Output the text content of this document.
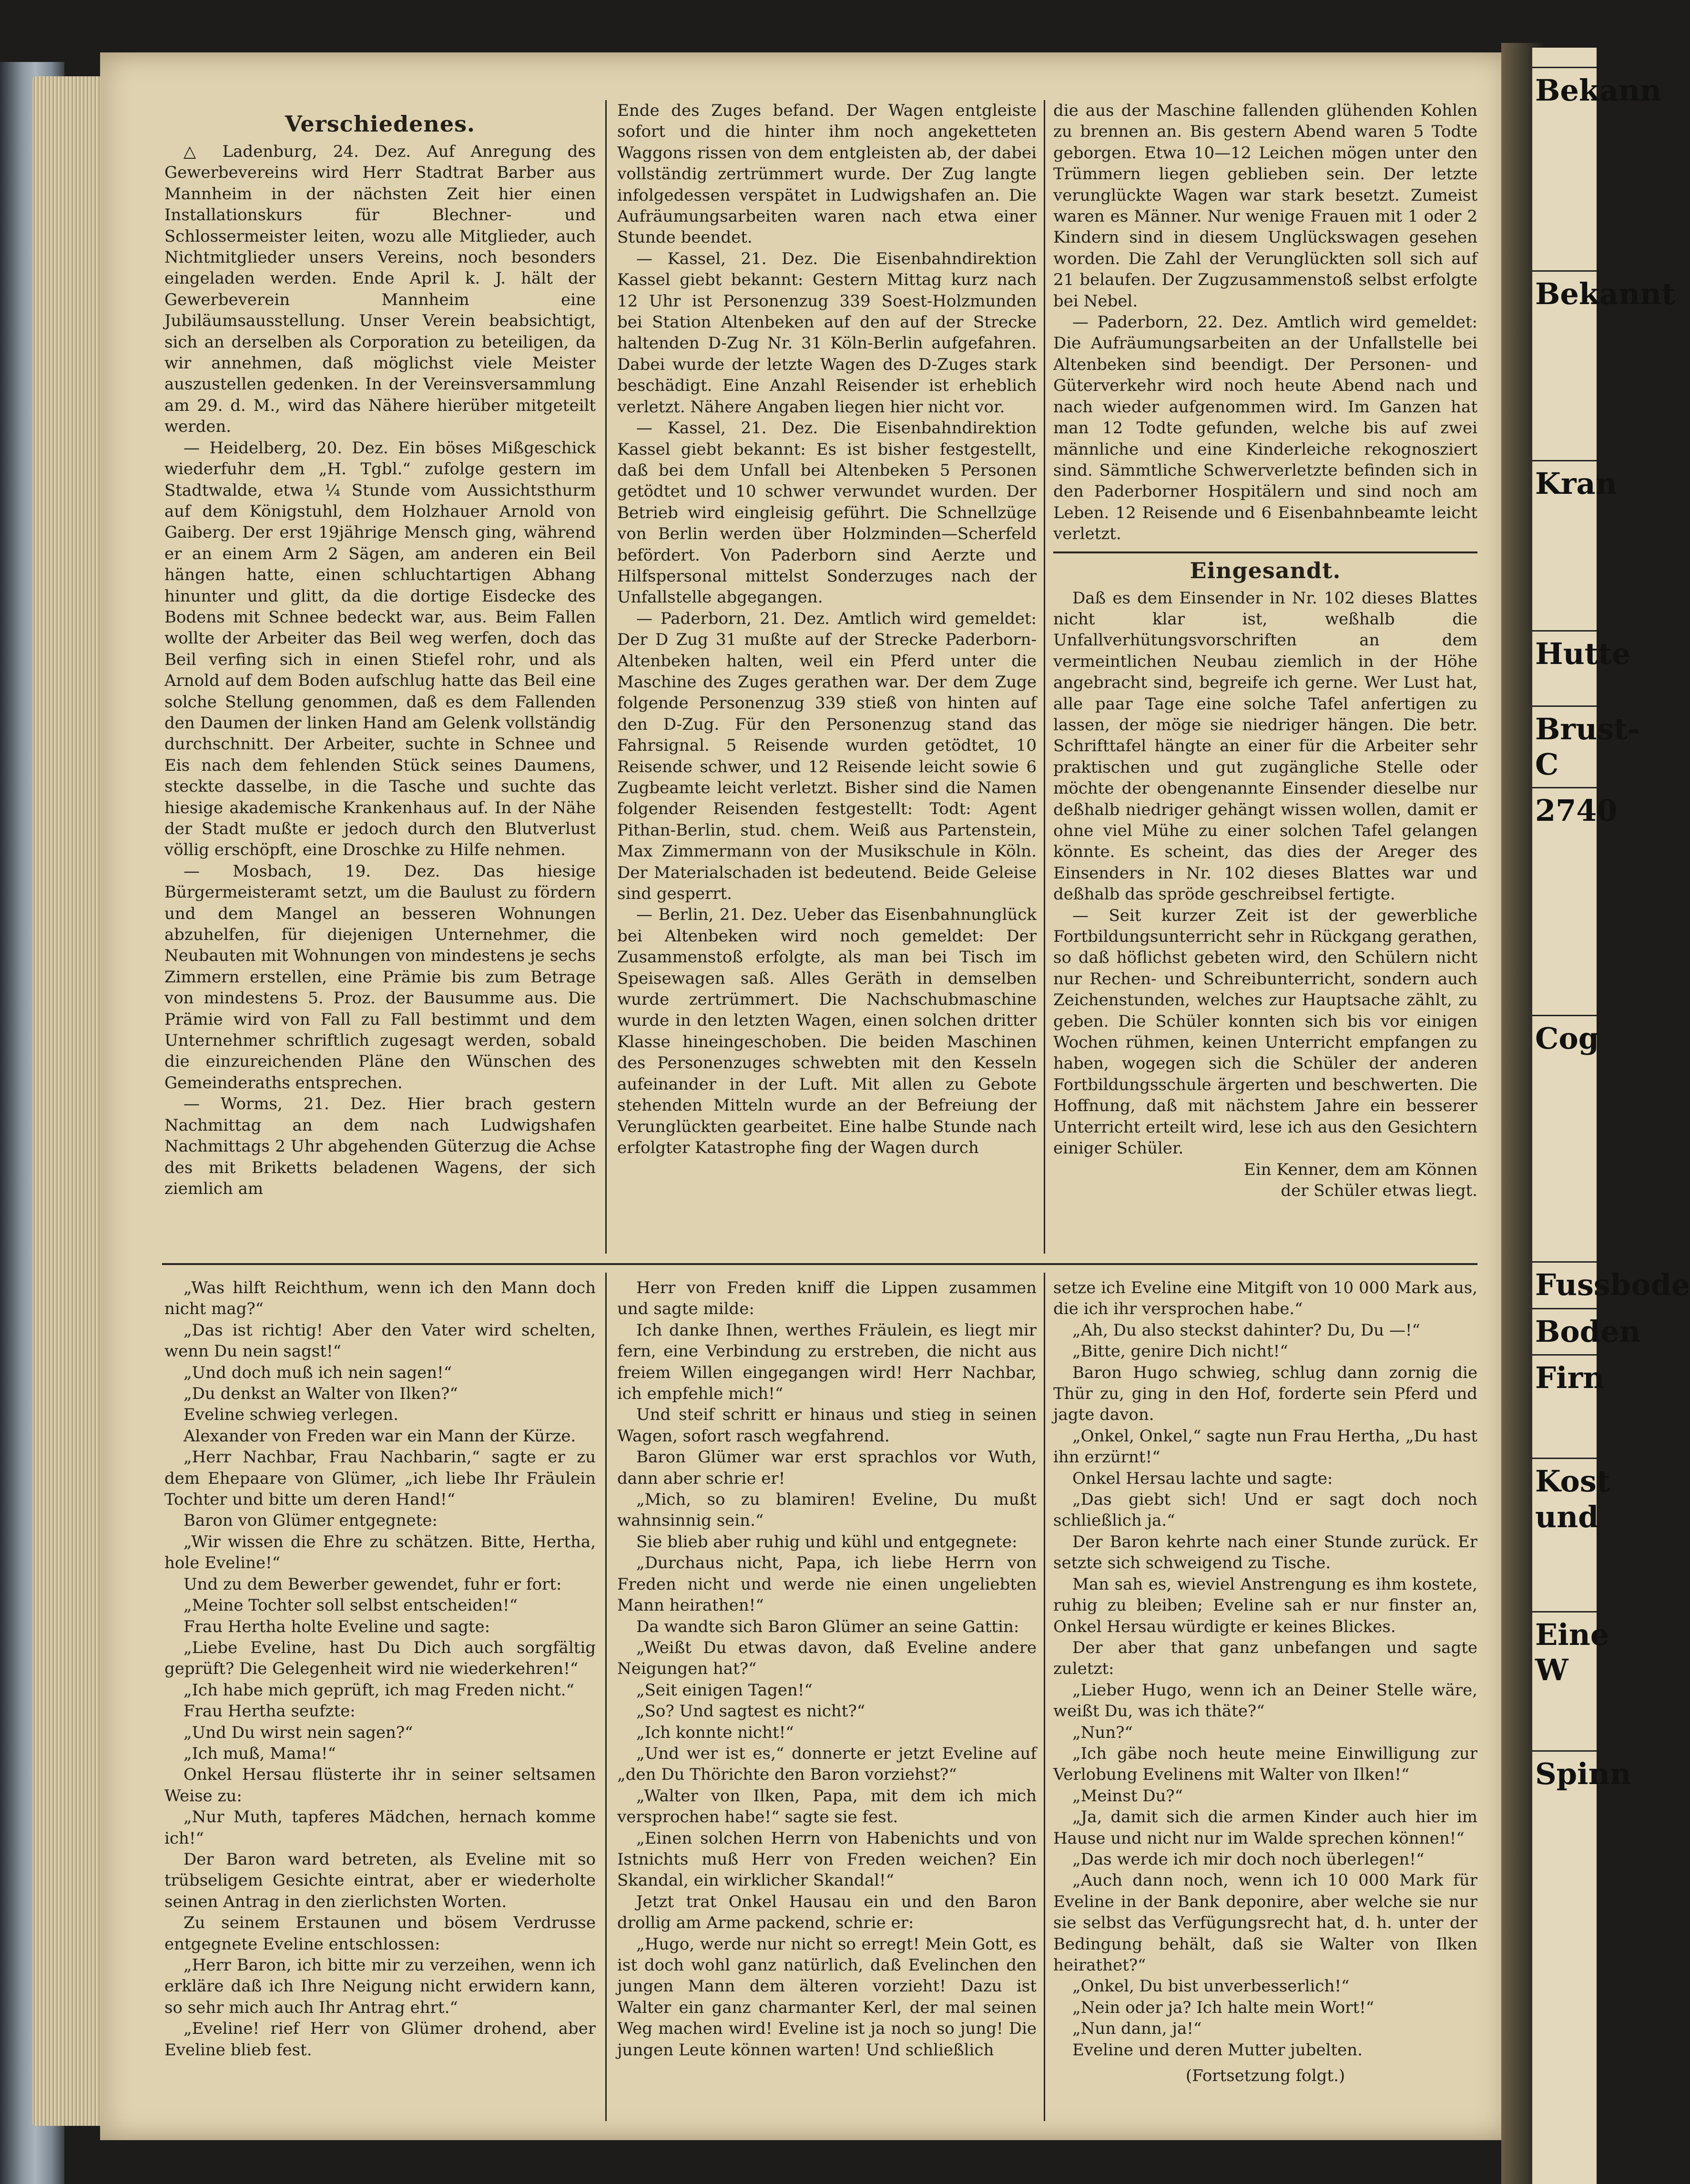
Verschiedenes.

△ Ladenburg, 24. Dez. Auf Anregung des Gewerbevereins wird Herr Stadtrat Barber aus Mannheim in der nächsten Zeit hier einen Installationskurs für Blechner- und Schlossermeister leiten, wozu alle Mitglieder, auch Nichtmitglieder unsers Vereins, noch besonders eingeladen werden. Ende April k. J. hält der Gewerbeverein Mannheim eine Jubiläumsausstellung. Unser Verein beabsichtigt, sich an derselben als Corporation zu beteiligen, da wir annehmen, daß möglichst viele Meister auszustellen gedenken. In der Vereinsversammlung am 29. d. M., wird das Nähere hierüber mitgeteilt werden.

— Heidelberg, 20. Dez. Ein böses Mißgeschick wiederfuhr dem „H. Tgbl.“ zufolge gestern im Stadtwalde, etwa ¼ Stunde vom Aussichtsthurm auf dem Königstuhl, dem Holzhauer Arnold von Gaiberg. Der erst 19jährige Mensch ging, während er an einem Arm 2 Sägen, am anderen ein Beil hängen hatte, einen schluchtartigen Abhang hinunter und glitt, da die dortige Eisdecke des Bodens mit Schnee bedeckt war, aus. Beim Fallen wollte der Arbeiter das Beil weg werfen, doch das Beil verfing sich in einen Stiefel rohr, und als Arnold auf dem Boden aufschlug hatte das Beil eine solche Stellung genommen, daß es dem Fallenden den Daumen der linken Hand am Gelenk vollständig durchschnitt. Der Arbeiter, suchte in Schnee und Eis nach dem fehlenden Stück seines Daumens, steckte dasselbe, in die Tasche und suchte das hiesige akademische Krankenhaus auf. In der Nähe der Stadt mußte er jedoch durch den Blutverlust völlig erschöpft, eine Droschke zu Hilfe nehmen.

— Mosbach, 19. Dez. Das hiesige Bürgermeisteramt setzt, um die Baulust zu fördern und dem Mangel an besseren Wohnungen abzuhelfen, für diejenigen Unternehmer, die Neubauten mit Wohnungen von mindestens je sechs Zimmern erstellen, eine Prämie bis zum Betrage von mindestens 5. Proz. der Bausumme aus. Die Prämie wird von Fall zu Fall bestimmt und dem Unternehmer schriftlich zugesagt werden, sobald die einzureichenden Pläne den Wünschen des Gemeinderaths entsprechen.

— Worms, 21. Dez. Hier brach gestern Nachmittag an dem nach Ludwigshafen Nachmittags 2 Uhr abgehenden Güterzug die Achse des mit Briketts beladenen Wagens, der sich ziemlich am

Ende des Zuges befand. Der Wagen entgleiste sofort und die hinter ihm noch angeketteten Waggons rissen von dem entgleisten ab, der dabei vollständig zertrümmert wurde. Der Zug langte infolgedessen verspätet in Ludwigshafen an. Die Aufräumungsarbeiten waren nach etwa einer Stunde beendet.

— Kassel, 21. Dez. Die Eisenbahndirektion Kassel giebt bekannt: Gestern Mittag kurz nach 12 Uhr ist Personenzug 339 Soest-Holzmunden bei Station Altenbeken auf den auf der Strecke haltenden D-Zug Nr. 31 Köln-Berlin aufgefahren. Dabei wurde der letzte Wagen des D-Zuges stark beschädigt. Eine Anzahl Reisender ist erheblich verletzt. Nähere Angaben liegen hier nicht vor.

— Kassel, 21. Dez. Die Eisenbahndirektion Kassel giebt bekannt: Es ist bisher festgestellt, daß bei dem Unfall bei Altenbeken 5 Personen getödtet und 10 schwer verwundet wurden. Der Betrieb wird eingleisig geführt. Die Schnellzüge von Berlin werden über Holzminden—Scherfeld befördert. Von Paderborn sind Aerzte und Hilfspersonal mittelst Sonderzuges nach der Unfallstelle abgegangen.

— Paderborn, 21. Dez. Amtlich wird gemeldet: Der D Zug 31 mußte auf der Strecke Paderborn-Altenbeken halten, weil ein Pferd unter die Maschine des Zuges gerathen war. Der dem Zuge folgende Personenzug 339 stieß von hinten auf den D-Zug. Für den Personenzug stand das Fahrsignal. 5 Reisende wurden getödtet, 10 Reisende schwer, und 12 Reisende leicht sowie 6 Zugbeamte leicht verletzt. Bisher sind die Namen folgender Reisenden festgestellt: Todt: Agent Pithan-Berlin, stud. chem. Weiß aus Partenstein, Max Zimmermann von der Musikschule in Köln. Der Materialschaden ist bedeutend. Beide Geleise sind gesperrt.

— Berlin, 21. Dez. Ueber das Eisenbahnunglück bei Altenbeken wird noch gemeldet: Der Zusammenstoß erfolgte, als man bei Tisch im Speisewagen saß. Alles Geräth in demselben wurde zertrümmert. Die Nachschubmaschine wurde in den letzten Wagen, einen solchen dritter Klasse hineingeschoben. Die beiden Maschinen des Personenzuges schwebten mit den Kesseln aufeinander in der Luft. Mit allen zu Gebote stehenden Mitteln wurde an der Befreiung der Verunglückten gearbeitet. Eine halbe Stunde nach erfolgter Katastrophe fing der Wagen durch

die aus der Maschine fallenden glühenden Kohlen zu brennen an. Bis gestern Abend waren 5 Todte geborgen. Etwa 10—12 Leichen mögen unter den Trümmern liegen geblieben sein. Der letzte verunglückte Wagen war stark besetzt. Zumeist waren es Männer. Nur wenige Frauen mit 1 oder 2 Kindern sind in diesem Unglückswagen gesehen worden. Die Zahl der Verunglückten soll sich auf 21 belaufen. Der Zugzusammenstoß selbst erfolgte bei Nebel.

— Paderborn, 22. Dez. Amtlich wird gemeldet: Die Aufräumungsarbeiten an der Unfallstelle bei Altenbeken sind beendigt. Der Personen- und Güterverkehr wird noch heute Abend nach und nach wieder aufgenommen wird. Im Ganzen hat man 12 Todte gefunden, welche bis auf zwei männliche und eine Kinderleiche rekognosziert sind. Sämmtliche Schwerverletzte befinden sich in den Paderborner Hospitälern und sind noch am Leben. 12 Reisende und 6 Eisenbahnbeamte leicht verletzt.

Eingesandt.

Daß es dem Einsender in Nr. 102 dieses Blattes nicht klar ist, weßhalb die Unfallverhütungsvorschriften an dem vermeintlichen Neubau ziemlich in der Höhe angebracht sind, begreife ich gerne. Wer Lust hat, alle paar Tage eine solche Tafel anfertigen zu lassen, der möge sie niedriger hängen. Die betr. Schrifttafel hängte an einer für die Arbeiter sehr praktischen und gut zugängliche Stelle oder möchte der obengenannte Einsender dieselbe nur deßhalb niedriger gehängt wissen wollen, damit er ohne viel Mühe zu einer solchen Tafel gelangen könnte. Es scheint, das dies der Areger des Einsenders in Nr. 102 dieses Blattes war und deßhalb das spröde geschreibsel fertigte.

— Seit kurzer Zeit ist der gewerbliche Fortbildungsunterricht sehr in Rückgang gerathen, so daß höflichst gebeten wird, den Schülern nicht nur Rechen- und Schreibunterricht, sondern auch Zeichenstunden, welches zur Hauptsache zählt, zu geben. Die Schüler konnten sich bis vor einigen Wochen rühmen, keinen Unterricht empfangen zu haben, wogegen sich die Schüler der anderen Fortbildungsschule ärgerten und beschwerten. Die Hoffnung, daß mit nächstem Jahre ein besserer Unterricht erteilt wird, lese ich aus den Gesichtern einiger Schüler.

Ein Kenner, dem am Können der Schüler etwas liegt.

„Was hilft Reichthum, wenn ich den Mann doch nicht mag?“

„Das ist richtig! Aber den Vater wird schelten, wenn Du nein sagst!“

„Und doch muß ich nein sagen!“

„Du denkst an Walter von Ilken?“

Eveline schwieg verlegen.

Alexander von Freden war ein Mann der Kürze.

„Herr Nachbar, Frau Nachbarin,“ sagte er zu dem Ehepaare von Glümer, „ich liebe Ihr Fräulein Tochter und bitte um deren Hand!“

Baron von Glümer entgegnete:

„Wir wissen die Ehre zu schätzen. Bitte, Hertha, hole Eveline!“

Und zu dem Bewerber gewendet, fuhr er fort:

„Meine Tochter soll selbst entscheiden!“

Frau Hertha holte Eveline und sagte:

„Liebe Eveline, hast Du Dich auch sorgfältig geprüft? Die Gelegenheit wird nie wiederkehren!“

„Ich habe mich geprüft, ich mag Freden nicht.“

Frau Hertha seufzte:

„Und Du wirst nein sagen?“

„Ich muß, Mama!“

Onkel Hersau flüsterte ihr in seiner seltsamen Weise zu:

„Nur Muth, tapferes Mädchen, hernach komme ich!“

Der Baron ward betreten, als Eveline mit so trübseligem Gesichte eintrat, aber er wiederholte seinen Antrag in den zierlichsten Worten.

Zu seinem Erstaunen und bösem Verdrusse entgegnete Eveline entschlossen:

„Herr Baron, ich bitte mir zu verzeihen, wenn ich erkläre daß ich Ihre Neigung nicht erwidern kann, so sehr mich auch Ihr Antrag ehrt.“

„Eveline! rief Herr von Glümer drohend, aber Eveline blieb fest.

Herr von Freden kniff die Lippen zusammen und sagte milde:

Ich danke Ihnen, werthes Fräulein, es liegt mir fern, eine Verbindung zu erstreben, die nicht aus freiem Willen eingegangen wird! Herr Nachbar, ich empfehle mich!“

Und steif schritt er hinaus und stieg in seinen Wagen, sofort rasch wegfahrend.

Baron Glümer war erst sprachlos vor Wuth, dann aber schrie er!

„Mich, so zu blamiren! Eveline, Du mußt wahnsinnig sein.“

Sie blieb aber ruhig und kühl und entgegnete:

„Durchaus nicht, Papa, ich liebe Herrn von Freden nicht und werde nie einen ungeliebten Mann heirathen!“

Da wandte sich Baron Glümer an seine Gattin:

„Weißt Du etwas davon, daß Eveline andere Neigungen hat?“

„Seit einigen Tagen!“

„So? Und sagtest es nicht?“

„Ich konnte nicht!“

„Und wer ist es,“ donnerte er jetzt Eveline auf „den Du Thörichte den Baron vorziehst?“

„Walter von Ilken, Papa, mit dem ich mich versprochen habe!“ sagte sie fest.

„Einen solchen Herrn von Habenichts und von Istnichts muß Herr von Freden weichen? Ein Skandal, ein wirklicher Skandal!“

Jetzt trat Onkel Hausau ein und den Baron drollig am Arme packend, schrie er:

„Hugo, werde nur nicht so erregt! Mein Gott, es ist doch wohl ganz natürlich, daß Evelinchen den jungen Mann dem älteren vorzieht! Dazu ist Walter ein ganz charmanter Kerl, der mal seinen Weg machen wird! Eveline ist ja noch so jung! Die jungen Leute können warten! Und schließlich

setze ich Eveline eine Mitgift von 10 000 Mark aus, die ich ihr versprochen habe.“

„Ah, Du also steckst dahinter? Du, Du —!“

„Bitte, genire Dich nicht!“

Baron Hugo schwieg, schlug dann zornig die Thür zu, ging in den Hof, forderte sein Pferd und jagte davon.

„Onkel, Onkel,“ sagte nun Frau Hertha, „Du hast ihn erzürnt!“

Onkel Hersau lachte und sagte:

„Das giebt sich! Und er sagt doch noch schließlich ja.“

Der Baron kehrte nach einer Stunde zurück. Er setzte sich schweigend zu Tische.

Man sah es, wieviel Anstrengung es ihm kostete, ruhig zu bleiben; Eveline sah er nur finster an, Onkel Hersau würdigte er keines Blickes.

Der aber that ganz unbefangen und sagte zuletzt:

„Lieber Hugo, wenn ich an Deiner Stelle wäre, weißt Du, was ich thäte?“

„Nun?“

„Ich gäbe noch heute meine Einwilligung zur Verlobung Evelinens mit Walter von Ilken!“

„Meinst Du?“

„Ja, damit sich die armen Kinder auch hier im Hause und nicht nur im Walde sprechen können!“

„Das werde ich mir doch noch überlegen!“

„Auch dann noch, wenn ich 10 000 Mark für Eveline in der Bank deponire, aber welche sie nur sie selbst das Verfügungsrecht hat, d. h. unter der Bedingung behält, daß sie Walter von Ilken heirathet?“

„Onkel, Du bist unverbesserlich!“

„Nein oder ja? Ich halte mein Wort!“

„Nun dann, ja!“

Eveline und deren Mutter jubelten.

(Fortsetzung folgt.)

Bekann
Bekannt
Kran
Hutte
Brust-C
2740
Cog
Fussbode
Boden
Firn
Kost und
Eine W
Spinn
